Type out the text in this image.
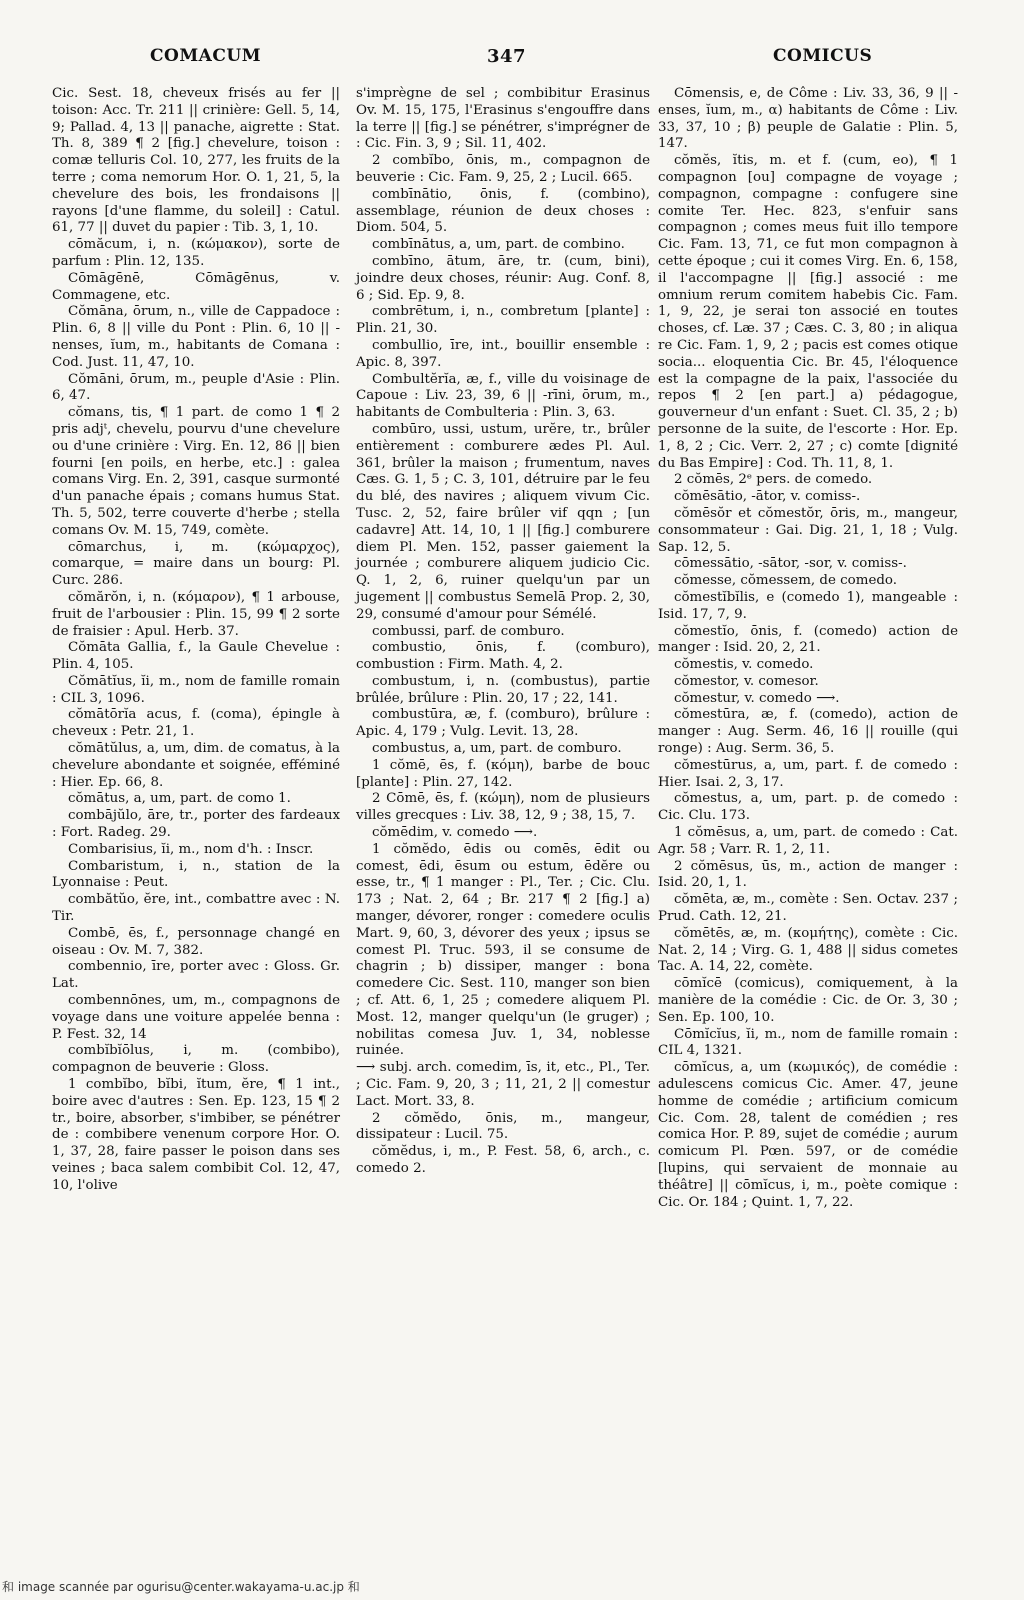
COMACUM	347	COMICUS

Cic. Sest. 18, cheveux frisés au fer || toison: Acc. Tr. 211 || crinière: Gell. 5, 14, 9; Pallad. 4, 13 || panache, aigrette : Stat. Th. 8, 389 ¶ 2 [fig.] chevelure, toison : comæ telluris Col. 10, 277, les fruits de la terre ; coma nemorum Hor. O. 1, 21, 5, la chevelure des bois, les frondaisons || rayons [d'une flamme, du soleil] : Catul. 61, 77 || duvet du papier : Tib. 3, 1, 10.

cōmăcum, i, n. (κώμακον), sorte de parfum : Plin. 12, 135.

Cōmāgēnē, Cōmāgēnus, v. Commagene, etc.

Cŏmāna, ōrum, n., ville de Cappadoce : Plin. 6, 8 || ville du Pont : Plin. 6, 10 || -nenses, ĭum, m., habitants de Comana : Cod. Just. 11, 47, 10.

Cŏmāni, ōrum, m., peuple d'Asie : Plin. 6, 47.

cŏmans, tis, ¶ 1 part. de como 1 ¶ 2 pris adjᵗ, chevelu, pourvu d'une chevelure ou d'une crinière : Virg. En. 12, 86 || bien fourni [en poils, en herbe, etc.] : galea comans Virg. En. 2, 391, casque surmonté d'un panache épais ; comans humus Stat. Th. 5, 502, terre couverte d'herbe ; stella comans Ov. M. 15, 749, comète.

cōmarchus, i, m. (κώμαρχος), comarque, = maire dans un bourg: Pl. Curc. 286.

cŏmărŏn, i, n. (κόμαρον), ¶ 1 arbouse, fruit de l'arbousier : Plin. 15, 99 ¶ 2 sorte de fraisier : Apul. Herb. 37.

Cŏmāta Gallia, f., la Gaule Chevelue : Plin. 4, 105.

Cŏmātĭus, ĭi, m., nom de famille romain : CIL 3, 1096.

cŏmātōrĭa acus, f. (coma), épingle à cheveux : Petr. 21, 1.

cŏmātŭlus, a, um, dim. de comatus, à la chevelure abondante et soignée, efféminé : Hier. Ep. 66, 8.

cŏmātus, a, um, part. de como 1.

combājŭlo, āre, tr., porter des fardeaux : Fort. Radeg. 29.

Combarisius, ĭi, m., nom d'h. : Inscr.

Combaristum, i, n., station de la Lyonnaise : Peut.

combătŭo, ĕre, int., combattre avec : N. Tir.

Combē, ēs, f., personnage changé en oiseau : Ov. M. 7, 382.

combennio, īre, porter avec : Gloss. Gr. Lat.

combennōnes, um, m., compagnons de voyage dans une voiture appelée benna : P. Fest. 32, 14

combĭbĭōlus, i, m. (combibo), compagnon de beuverie : Gloss.

1 combĭbo, bĭbi, ĭtum, ĕre, ¶ 1 int., boire avec d'autres : Sen. Ep. 123, 15 ¶ 2 tr., boire, absorber, s'imbiber, se pénétrer de : combibere venenum corpore Hor. O. 1, 37, 28, faire passer le poison dans ses veines ; baca salem combibit Col. 12, 47, 10, l'olive

s'imprègne de sel ; combibitur Erasinus Ov. M. 15, 175, l'Erasinus s'engouffre dans la terre || [fig.] se pénétrer, s'imprégner de : Cic. Fin. 3, 9 ; Sil. 11, 402.

2 combĭbo, ōnis, m., compagnon de beuverie : Cic. Fam. 9, 25, 2 ; Lucil. 665.

combīnātio, ōnis, f. (combino), assemblage, réunion de deux choses : Diom. 504, 5.

combīnātus, a, um, part. de combino.

combīno, ātum, āre, tr. (cum, bini), joindre deux choses, réunir: Aug. Conf. 8, 6 ; Sid. Ep. 9, 8.

combrētum, i, n., combretum [plante] : Plin. 21, 30.

combullio, īre, int., bouillir ensemble : Apic. 8, 397.

Combultĕrĭa, æ, f., ville du voisinage de Capoue : Liv. 23, 39, 6 || -rīni, ōrum, m., habitants de Combulteria : Plin. 3, 63.

combūro, ussi, ustum, urĕre, tr., brûler entièrement : comburere ædes Pl. Aul. 361, brûler la maison ; frumentum, naves Cæs. G. 1, 5 ; C. 3, 101, détruire par le feu du blé, des navires ; aliquem vivum Cic. Tusc. 2, 52, faire brûler vif qqn ; [un cadavre] Att. 14, 10, 1 || [fig.] comburere diem Pl. Men. 152, passer gaiement la journée ; comburere aliquem judicio Cic. Q. 1, 2, 6, ruiner quelqu'un par un jugement || combustus Semelā Prop. 2, 30, 29, consumé d'amour pour Sémélé.

combussi, parf. de comburo.

combustio, ōnis, f. (comburo), combustion : Firm. Math. 4, 2.

combustum, i, n. (combustus), partie brûlée, brûlure : Plin. 20, 17 ; 22, 141.

combustūra, æ, f. (comburo), brûlure : Apic. 4, 179 ; Vulg. Levit. 13, 28.

combustus, a, um, part. de comburo.

1 cŏmē, ēs, f. (κόμη), barbe de bouc [plante] : Plin. 27, 142.

2 Cōmē, ēs, f. (κώμη), nom de plusieurs villes grecques : Liv. 38, 12, 9 ; 38, 15, 7.

cŏmēdim, v. comedo ⟶.

1 cŏmĕdo, ēdis ou comēs, ēdit ou comest, ēdi, ēsum ou estum, ēdĕre ou esse, tr., ¶ 1 manger : Pl., Ter. ; Cic. Clu. 173 ; Nat. 2, 64 ; Br. 217 ¶ 2 [fig.] a) manger, dévorer, ronger : comedere oculis Mart. 9, 60, 3, dévorer des yeux ; ipsus se comest Pl. Truc. 593, il se consume de chagrin ; b) dissiper, manger : bona comedere Cic. Sest. 110, manger son bien ; cf. Att. 6, 1, 25 ; comedere aliquem Pl. Most. 12, manger quelqu'un (le gruger) ; nobilitas comesa Juv. 1, 34, noblesse ruinée.

⟶ subj. arch. comedim, īs, it, etc., Pl., Ter. ; Cic. Fam. 9, 20, 3 ; 11, 21, 2 || comestur Lact. Mort. 33, 8.

2 cŏmĕdo, ōnis, m., mangeur, dissipateur : Lucil. 75.

cŏmĕdus, i, m., P. Fest. 58, 6, arch., c. comedo 2.

Cōmensis, e, de Côme : Liv. 33, 36, 9 || -enses, ĭum, m., α) habitants de Côme : Liv. 33, 37, 10 ; β) peuple de Galatie : Plin. 5, 147.

cŏmĕs, ĭtis, m. et f. (cum, eo), ¶ 1 compagnon [ou] compagne de voyage ; compagnon, compagne : confugere sine comite Ter. Hec. 823, s'enfuir sans compagnon ; comes meus fuit illo tempore Cic. Fam. 13, 71, ce fut mon compagnon à cette époque ; cui it comes Virg. En. 6, 158, il l'accompagne || [fig.] associé : me omnium rerum comitem habebis Cic. Fam. 1, 9, 22, je serai ton associé en toutes choses, cf. Læ. 37 ; Cæs. C. 3, 80 ; in aliqua re Cic. Fam. 1, 9, 2 ; pacis est comes otique socia... eloquentia Cic. Br. 45, l'éloquence est la compagne de la paix, l'associée du repos ¶ 2 [en part.] a) pédagogue, gouverneur d'un enfant : Suet. Cl. 35, 2 ; b) personne de la suite, de l'escorte : Hor. Ep. 1, 8, 2 ; Cic. Verr. 2, 27 ; c) comte [dignité du Bas Empire] : Cod. Th. 11, 8, 1.

2 cŏmēs, 2ᵉ pers. de comedo.

cŏmēsātio, -ātor, v. comiss-.

cŏmēsŏr et cŏmestŏr, ōris, m., mangeur, consommateur : Gai. Dig. 21, 1, 18 ; Vulg. Sap. 12, 5.

cōmessātio, -sātor, -sor, v. comiss-.

cŏmesse, cŏmessem, de comedo.

cŏmestĭbĭlis, e (comedo 1), mangeable : Isid. 17, 7, 9.

cŏmestĭo, ōnis, f. (comedo) action de manger : Isid. 20, 2, 21.

cŏmestis, v. comedo.

cŏmestor, v. comesor.

cŏmestur, v. comedo ⟶.

cŏmestūra, æ, f. (comedo), action de manger : Aug. Serm. 46, 16 || rouille (qui ronge) : Aug. Serm. 36, 5.

cŏmestūrus, a, um, part. f. de comedo : Hier. Isai. 2, 3, 17.

cŏmestus, a, um, part. p. de comedo : Cic. Clu. 173.

1 cŏmēsus, a, um, part. de comedo : Cat. Agr. 58 ; Varr. R. 1, 2, 11.

2 cŏmēsus, ūs, m., action de manger : Isid. 20, 1, 1.

cŏmēta, æ, m., comète : Sen. Octav. 237 ; Prud. Cath. 12, 21.

cŏmētēs, æ, m. (κομήτης), comète : Cic. Nat. 2, 14 ; Virg. G. 1, 488 || sidus cometes Tac. A. 14, 22, comète.

cōmĭcē (comicus), comiquement, à la manière de la comédie : Cic. de Or. 3, 30 ; Sen. Ep. 100, 10.

Cōmĭcĭus, ĭi, m., nom de famille romain : CIL 4, 1321.

cōmĭcus, a, um (κωμικός), de comédie : adulescens comicus Cic. Amer. 47, jeune homme de comédie ; artificium comicum Cic. Com. 28, talent de comédien ; res comica Hor. P. 89, sujet de comédie ; aurum comicum Pl. Pœn. 597, or de comédie [lupins, qui servaient de monnaie au théâtre] || cōmĭcus, i, m., poète comique : Cic. Or. 184 ; Quint. 1, 7, 22.

和 image scannée par ogurisu@center.wakayama-u.ac.jp 和
